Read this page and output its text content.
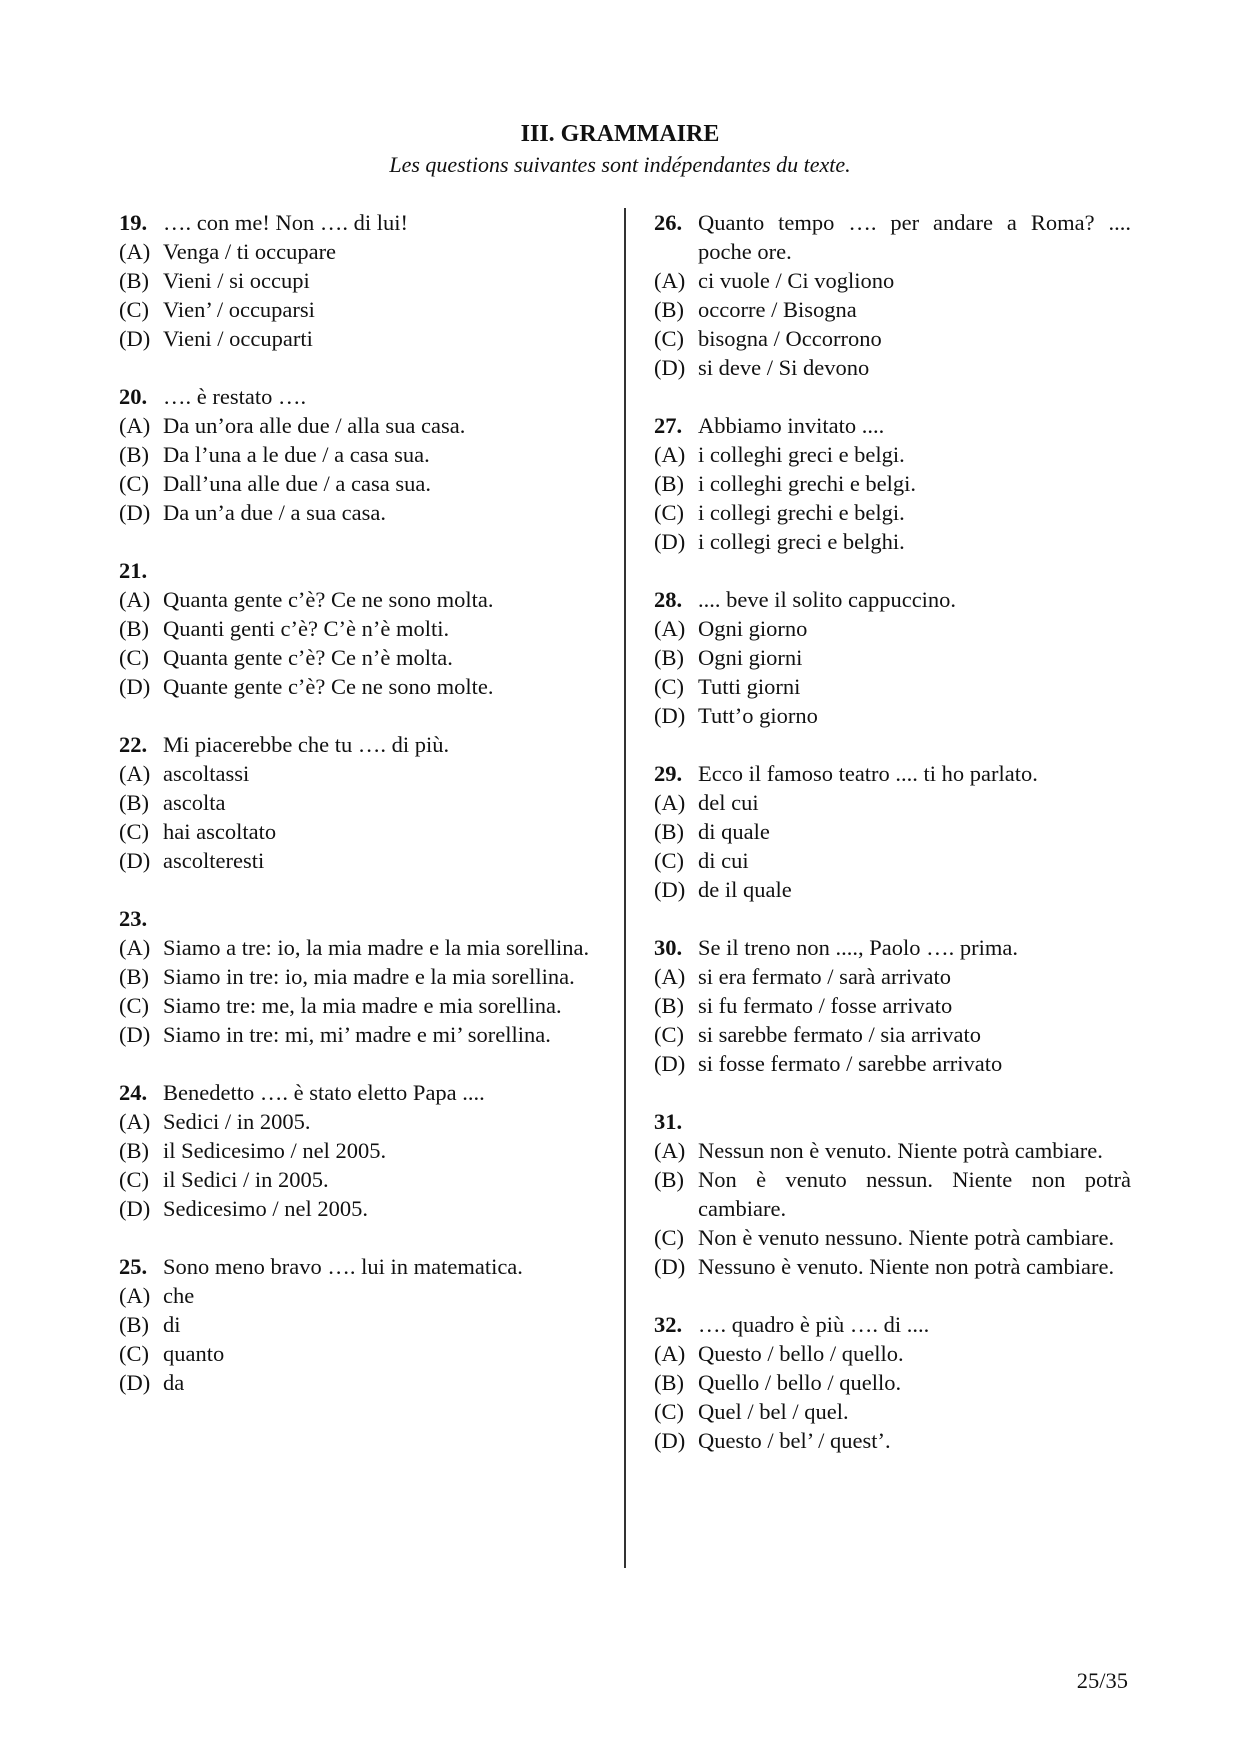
III. GRAMMAIRE
Les questions suivantes sont indépendantes du texte.
19. …. con me! Non …. di lui!
(A) Venga / ti occupare
(B) Vieni / si occupi
(C) Vien’ / occuparsi
(D) Vieni / occuparti
20. …. è restato ….
(A) Da un’ora alle due / alla sua casa.
(B) Da l’una a le due / a casa sua.
(C) Dall’una alle due / a casa sua.
(D) Da un’a due / a sua casa.
21.
(A) Quanta gente c’è? Ce ne sono molta.
(B) Quanti genti c’è? C’è n’è molti.
(C) Quanta gente c’è? Ce n’è molta.
(D) Quante gente c’è? Ce ne sono molte.
22. Mi piacerebbe che tu …. di più.
(A) ascoltassi
(B) ascolta
(C) hai ascoltato
(D) ascolteresti
23.
(A) Siamo a tre: io, la mia madre e la mia sorellina.
(B) Siamo in tre: io, mia madre e la mia sorellina.
(C) Siamo tre: me, la mia madre e mia sorellina.
(D) Siamo in tre: mi, mi’ madre e mi’ sorellina.
24. Benedetto …. è stato eletto Papa ....
(A) Sedici / in 2005.
(B) il Sedicesimo / nel 2005.
(C) il Sedici / in 2005.
(D) Sedicesimo / nel 2005.
25. Sono meno bravo …. lui in matematica.
(A) che
(B) di
(C) quanto
(D) da
26. Quanto tempo …. per andare a Roma? .... poche ore.
(A) ci vuole / Ci vogliono
(B) occorre / Bisogna
(C) bisogna / Occorrono
(D) si deve / Si devono
27. Abbiamo invitato ....
(A) i colleghi greci e belgi.
(B) i colleghi grechi e belgi.
(C) i collegi grechi e belgi.
(D) i collegi greci e belghi.
28. .... beve il solito cappuccino.
(A) Ogni giorno
(B) Ogni giorni
(C) Tutti giorni
(D) Tutt’o giorno
29. Ecco il famoso teatro .... ti ho parlato.
(A) del cui
(B) di quale
(C) di cui
(D) de il quale
30. Se il treno non ...., Paolo …. prima.
(A) si era fermato / sarà arrivato
(B) si fu fermato / fosse arrivato
(C) si sarebbe fermato / sia arrivato
(D) si fosse fermato / sarebbe arrivato
31.
(A) Nessun non è venuto. Niente potrà cambiare.
(B) Non è venuto nessun. Niente non potrà cambiare.
(C) Non è venuto nessuno. Niente potrà cambiare.
(D) Nessuno è venuto. Niente non potrà cambiare.
32. …. quadro è più …. di ....
(A) Questo / bello / quello.
(B) Quello / bello / quello.
(C) Quel / bel / quel.
(D) Questo / bel’ / quest’.
25/35
